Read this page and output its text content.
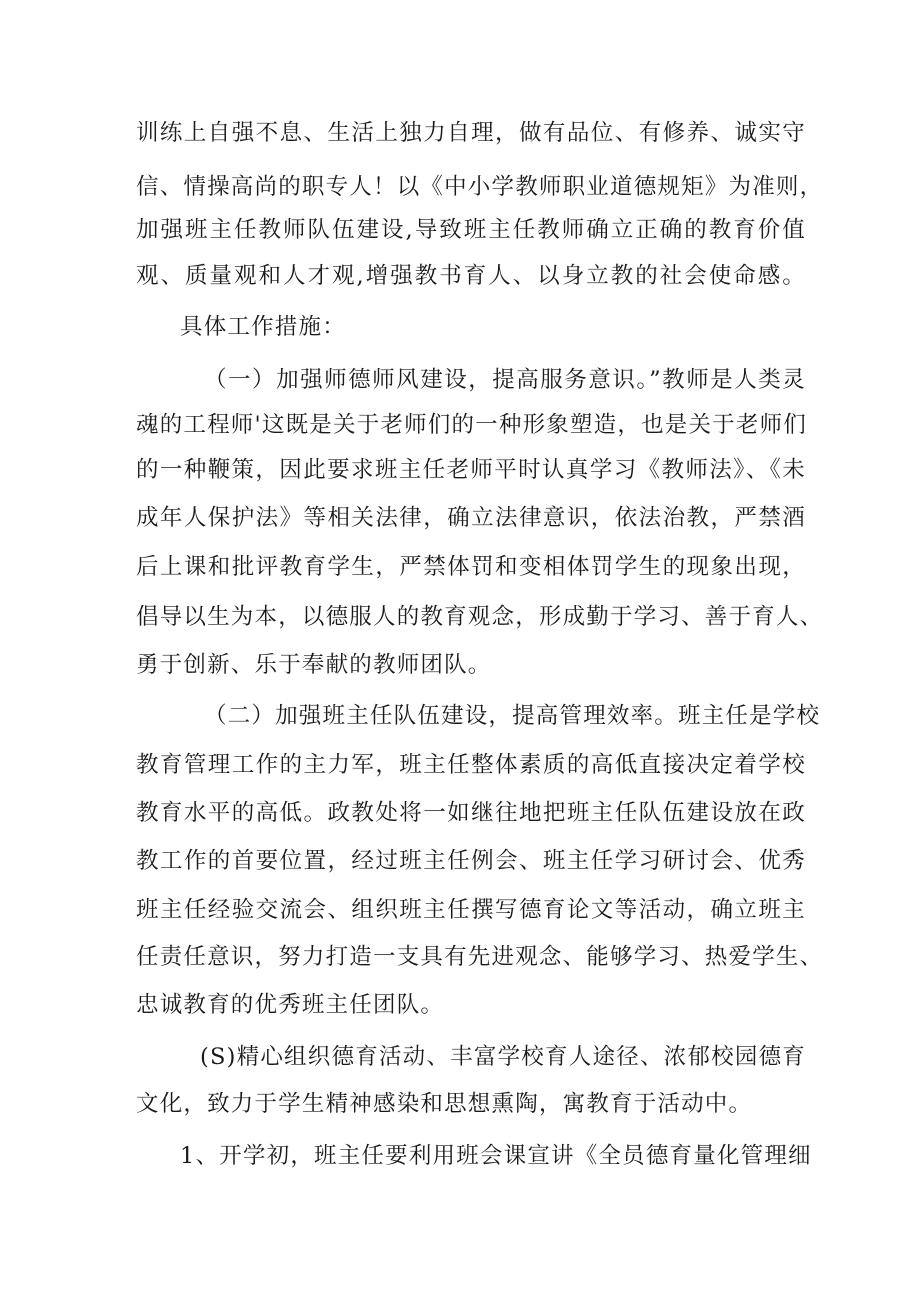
训练上自强不息、生活上独力自理，做有品位、有修养、诚实守
信、情操高尚的职专人！以《中小学教师职业道德规矩》为准则，
加强班主任教师队伍建设,导致班主任教师确立正确的教育价值
观、质量观和人才观,增强教书育人、以身立教的社会使命感。
具体工作措施：
（一）加强师德师风建设，提高服务意识。”教师是人类灵
魂的工程师'这既是关于老师们的一种形象塑造，也是关于老师们
的一种鞭策，因此要求班主任老师平时认真学习《教师法》、《未
成年人保护法》等相关法律，确立法律意识，依法治教，严禁酒
后上课和批评教育学生，严禁体罚和变相体罚学生的现象出现，
倡导以生为本，以德服人的教育观念，形成勤于学习、善于育人、
勇于创新、乐于奉献的教师团队。
（二）加强班主任队伍建设，提高管理效率。班主任是学校
教育管理工作的主力军，班主任整体素质的高低直接决定着学校
教育水平的高低。政教处将一如继往地把班主任队伍建设放在政
教工作的首要位置，经过班主任例会、班主任学习研讨会、优秀
班主任经验交流会、组织班主任撰写德育论文等活动，确立班主
任责任意识，努力打造一支具有先进观念、能够学习、热爱学生、
忠诚教育的优秀班主任团队。
(S)精心组织德育活动、丰富学校育人途径、浓郁校园德育
文化，致力于学生精神感染和思想熏陶，寓教育于活动中。
1、开学初，班主任要利用班会课宣讲《全员德育量化管理细
